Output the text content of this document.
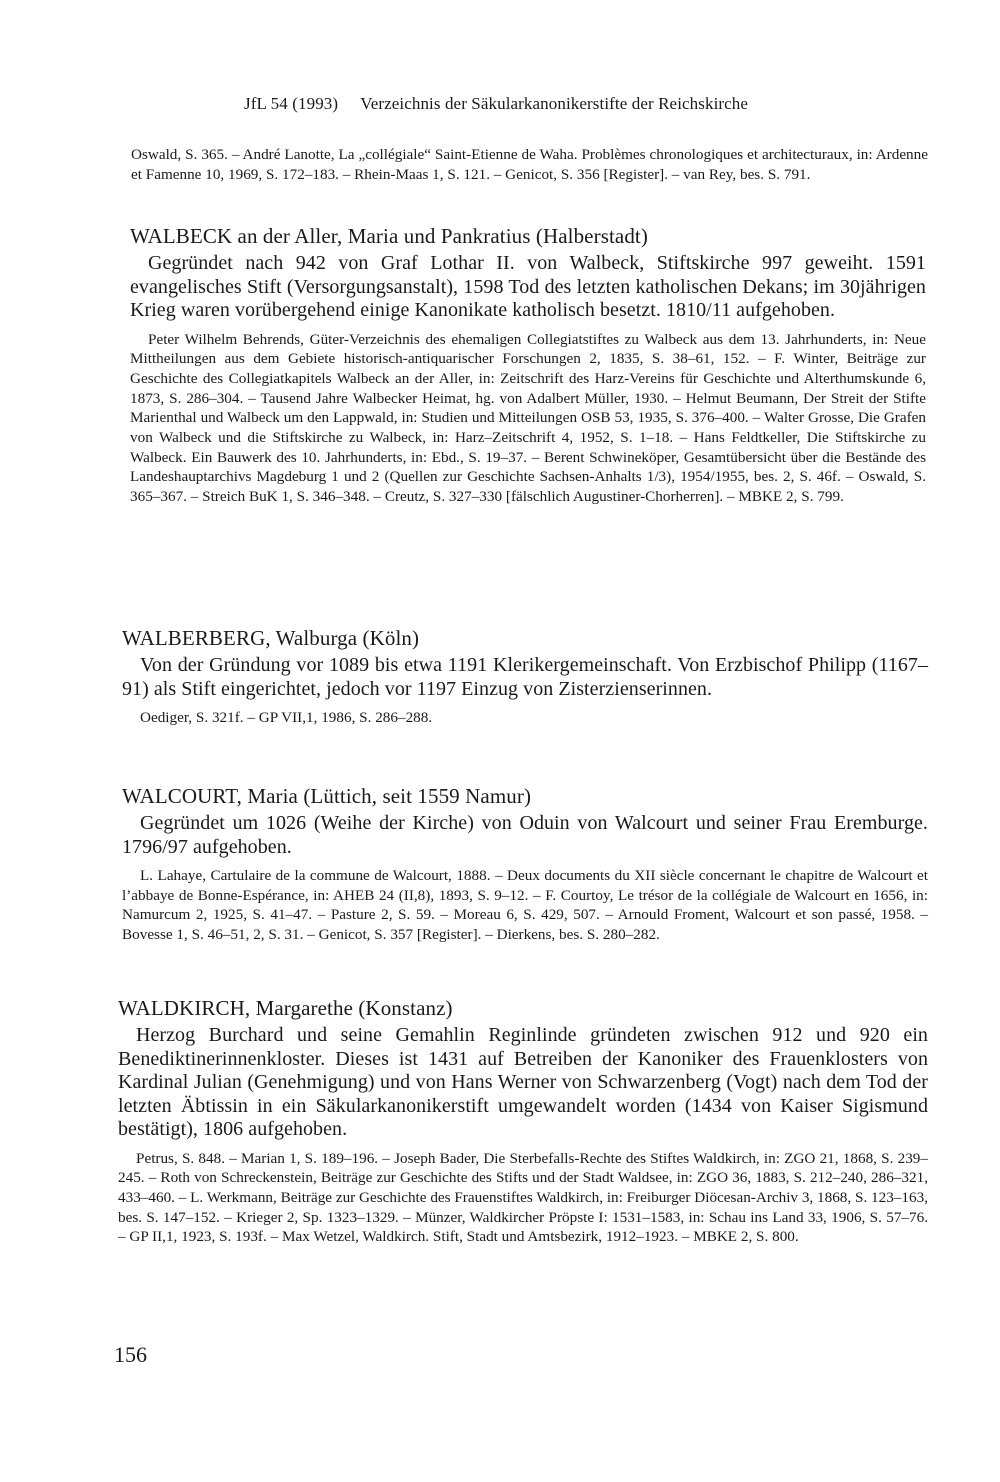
JfL 54 (1993) Verzeichnis der Säkularkanonikerstifte der Reichskirche

Oswald, S. 365. – André Lanotte, La „collégiale“ Saint-Etienne de Waha. Problèmes chronologiques et architecturaux, in: Ardenne et Famenne 10, 1969, S. 172–183. – Rhein-Maas 1, S. 121. – Genicot, S. 356 [Register]. – van Rey, bes. S. 791.

WALBECK an der Aller, Maria und Pankratius (Halberstadt)

Gegründet nach 942 von Graf Lothar II. von Walbeck, Stiftskirche 997 geweiht. 1591 evangelisches Stift (Versorgungsanstalt), 1598 Tod des letzten katholischen Dekans; im 30jährigen Krieg waren vorübergehend einige Kanonikate katholisch besetzt. 1810/11 aufgehoben.

Peter Wilhelm Behrends, Güter-Verzeichnis des ehemaligen Collegiatstiftes zu Walbeck aus dem 13. Jahrhunderts, in: Neue Mittheilungen aus dem Gebiete historisch-antiquarischer Forschungen 2, 1835, S. 38–61, 152. – F. Winter, Beiträge zur Geschichte des Collegiatkapitels Walbeck an der Aller, in: Zeitschrift des Harz-Vereins für Geschichte und Alterthumskunde 6, 1873, S. 286–304. – Tausend Jahre Walbecker Heimat, hg. von Adalbert Müller, 1930. – Helmut Beumann, Der Streit der Stifte Marienthal und Walbeck um den Lappwald, in: Studien und Mitteilungen OSB 53, 1935, S. 376–400. – Walter Grosse, Die Grafen von Walbeck und die Stiftskirche zu Walbeck, in: Harz–Zeitschrift 4, 1952, S. 1–18. – Hans Feldtkeller, Die Stiftskirche zu Walbeck. Ein Bauwerk des 10. Jahrhunderts, in: Ebd., S. 19–37. – Berent Schwineköper, Gesamtübersicht über die Bestände des Landeshauptarchivs Magdeburg 1 und 2 (Quellen zur Geschichte Sachsen-Anhalts 1/3), 1954/1955, bes. 2, S. 46f. – Oswald, S. 365–367. – Streich BuK 1, S. 346–348. – Creutz, S. 327–330 [fälschlich Augustiner-Chorherren]. – MBKE 2, S. 799.

WALBERBERG, Walburga (Köln)

Von der Gründung vor 1089 bis etwa 1191 Klerikergemeinschaft. Von Erzbischof Philipp (1167–91) als Stift eingerichtet, jedoch vor 1197 Einzug von Zisterzienserinnen.

Oediger, S. 321f. – GP VII,1, 1986, S. 286–288.

WALCOURT, Maria (Lüttich, seit 1559 Namur)

Gegründet um 1026 (Weihe der Kirche) von Oduin von Walcourt und seiner Frau Eremburge. 1796/97 aufgehoben.

L. Lahaye, Cartulaire de la commune de Walcourt, 1888. – Deux documents du XII siècle concernant le chapitre de Walcourt et l’abbaye de Bonne-Espérance, in: AHEB 24 (II,8), 1893, S. 9–12. – F. Courtoy, Le trésor de la collégiale de Walcourt en 1656, in: Namurcum 2, 1925, S. 41–47. – Pasture 2, S. 59. – Moreau 6, S. 429, 507. – Arnould Froment, Walcourt et son passé, 1958. – Bovesse 1, S. 46–51, 2, S. 31. – Genicot, S. 357 [Register]. – Dierkens, bes. S. 280–282.

WALDKIRCH, Margarethe (Konstanz)

Herzog Burchard und seine Gemahlin Reginlinde gründeten zwischen 912 und 920 ein Benediktinerinnenkloster. Dieses ist 1431 auf Betreiben der Kanoniker des Frauenklosters von Kardinal Julian (Genehmigung) und von Hans Werner von Schwarzenberg (Vogt) nach dem Tod der letzten Äbtissin in ein Säkularkanonikerstift umgewandelt worden (1434 von Kaiser Sigismund bestätigt), 1806 aufgehoben.

Petrus, S. 848. – Marian 1, S. 189–196. – Joseph Bader, Die Sterbefalls-Rechte des Stiftes Waldkirch, in: ZGO 21, 1868, S. 239–245. – Roth von Schreckenstein, Beiträge zur Geschichte des Stifts und der Stadt Waldsee, in: ZGO 36, 1883, S. 212–240, 286–321, 433–460. – L. Werkmann, Beiträge zur Geschichte des Frauenstiftes Waldkirch, in: Freiburger Diöcesan-Archiv 3, 1868, S. 123–163, bes. S. 147–152. – Krieger 2, Sp. 1323–1329. – Münzer, Waldkircher Pröpste I: 1531–1583, in: Schau ins Land 33, 1906, S. 57–76. – GP II,1, 1923, S. 193f. – Max Wetzel, Waldkirch. Stift, Stadt und Amtsbezirk, 1912–1923. – MBKE 2, S. 800.

156
